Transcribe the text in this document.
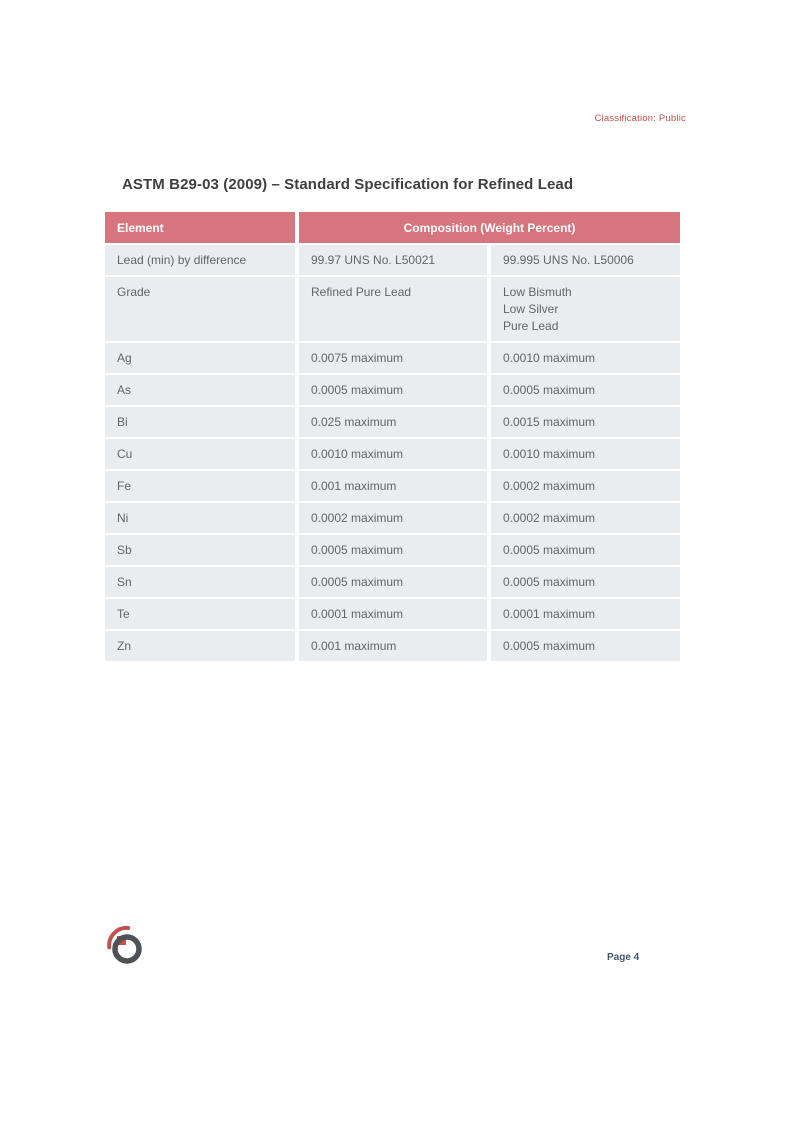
Classification: Public
ASTM B29-03 (2009) – Standard Specification for Refined Lead
Element	Composition (Weight Percent)
Lead (min) by difference	99.97 UNS No. L50021	99.995 UNS No. L50006
Grade	Refined Pure Lead	Low Bismuth
Low Silver
Pure Lead
Ag	0.0075 maximum	0.0010 maximum
As	0.0005 maximum	0.0005 maximum
Bi	0.025 maximum	0.0015 maximum
Cu	0.0010 maximum	0.0010 maximum
Fe	0.001 maximum	0.0002 maximum
Ni	0.0002 maximum	0.0002 maximum
Sb	0.0005 maximum	0.0005 maximum
Sn	0.0005 maximum	0.0005 maximum
Te	0.0001 maximum	0.0001 maximum
Zn	0.001 maximum	0.0005 maximum
Page 4
